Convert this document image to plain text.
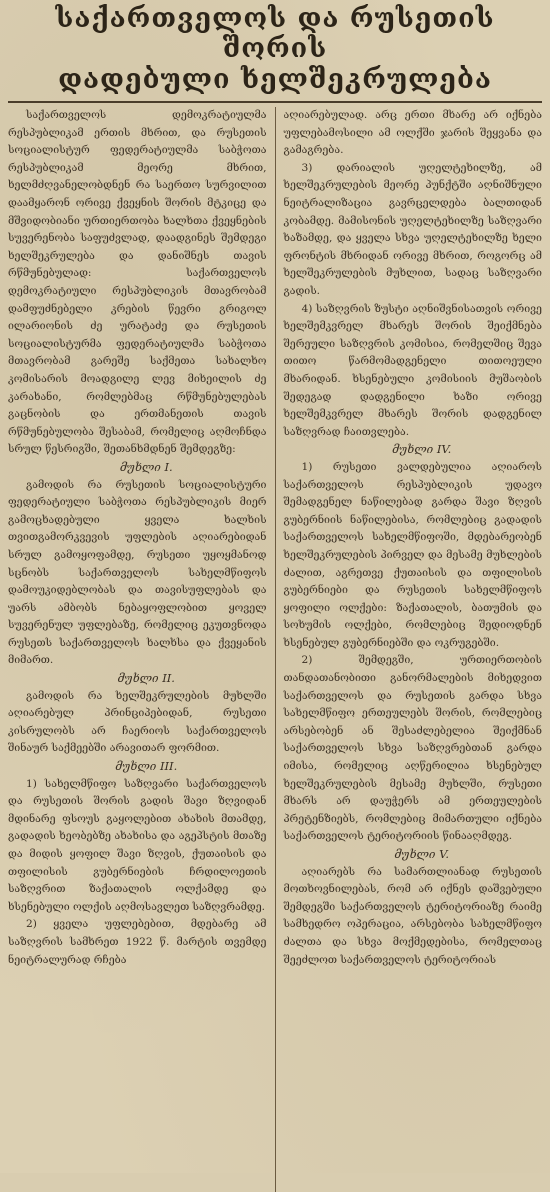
საქართველოს და რუსეთის შორის
დადებული ხელშეკრულება

საქართველოს დემოკრატიულმა რესპუბლიკამ ერთის მხრით, და რუსეთის სოციალისტურ ფედერატიულმა საბჭოთა რესპუბლიკამ მეორე მხრით, ხელმძღვანელობდნენ რა საერთო სურვილით დაამყარონ ორივე ქვეყნის შორის მტკიცე და მშვიდობიანი ურთიერთობა ხალხთა ქვეყნების სუვერენობა საფუძვლად, დაადგინეს შემდეგი ხელშეკრულება და დანიშნეს თავის რწმუნებულად: საქართველოს დემოკრატიული რესპუბლიკის მთავრობამ დამფუძნებელი კრების წევრი გრიგოლ ილარიონის ძე ურატაძე და რუსეთის სოციალისტურმა ფედერატიულმა საბჭოთა მთავრობამ გარეშე საქმეთა სახალხო კომისარის მოადგილე ლევ მიხეილის ძე კარახანი, რომლებმაც რწმუნებულებას გაცნობის და ერთმანეთის თავის რწმუნებულობა შესაბამ, რომელიც აღმოჩნდა სრულ წესრიგში, შეთანხმდნენ შემდეგზე:

მუხლი I.

გამოდის რა რუსეთის სოციალისტური ფედერატიული საბჭოთა რესპუბლიკის მიერ გამოცხადებული ყველა ხალხის თვითგამორკვევის უფლების აღიარებიდან სრულ გამოყოფამდე, რუსეთი უყოყმანოდ სცნობს საქართველოს სახელმწიფოს დამოუკიდებლობას და თავისუფლებას და უარს ამბობს ნებაყოფლობით ყოველ სუვერენულ უფლებაზე, რომელიც ეკუთვნოდა რუსეთს საქართველოს ხალხსა და ქვეყანის მიმართ.

მუხლი II.

გამოდის რა ხელშეკრულების მუხლში აღიარებულ პრინციპებიდან, რუსეთი კისრულობს არ ჩაერიოს საქართველოს შინაურ საქმეებში არავითარ ფორმით.

მუხლი III.

1) სახელმწიფო საზღვარი საქართველოს და რუსეთის შორის გადის შავი ზღვიდან მდინარე ფსოუს გაყოლებით ახახის მთამდე, გადადის ხეობებზე ახახისა და აგეპსტის მთაზე და მიდის ყოფილ შავი ზღვის, ქუთაისის და თფილისის გუბერნიების ჩრდილოეთის საზღვრით ზაქათალის ოლქამდე და ხსენებული ოლქის აღმოსავლეთ საზღვრამდე.

2) ყველა უფლებებით, მდებარე ამ საზღვრის სამხრეთ 1922 წ. მარტის თვემდე ნეიტრალურად რჩება

აღიარებულად. არც ერთი მხარე არ იქნება უფლებამოსილი ამ ოლქში ჯარის შეყვანა და გამაგრება.

3) დარიალის უღელტეხილზე, ამ ხელშეკრულების მეორე პუნქტში აღნიშნული ნეიტრალიზაცია გავრცელდება ბალთიდან კობამდე. მამისონის უღელტეხილზე საზღვარი ხაზამდე, და ყველა სხვა უღელტეხილზე ხელი ფრონტის მხრიდან ორივე მხრით, როგორც ამ ხელშეკრულების მუხლით, სადაც საზღვარი გადის.

4) საზღვრის ზუსტი აღნიშვნისათვის ორივე ხელშემკვრელ მხარეს შორის შეიქმნება შერეული საზღვრის კომისია, რომელშიც შევა თითო წარმომადგენელი თითოეული მხარიდან. ხსენებული კომისიის მუშაობის შედეგად დადგენილი ხაზი ორივე ხელშემკვრელ მხარეს შორის დადგენილ საზღვრად ჩაითვლება.

მუხლი IV.

1) რუსეთი ვალდებულია აღიაროს საქართველოს რესპუბლიკის უდავო შემადგენელ ნაწილებად გარდა შავი ზღვის გუბერნიის ნაწილებისა, რომლებიც გადადის საქართველოს სახელმწიფოში, მდებარეობენ ხელშეკრულების პირველ და მესამე მუხლების ძალით, აგრეთვე ქუთაისის და თფილისის გუბერნიები და რუსეთის სახელმწიფოს ყოფილი ოლქები: ზაქათალის, ბათუმის და სოხუმის ოლქები, რომლებიც შედიოდნენ ხსენებულ გუბერნიებში და ოკრუგებში.

2) შემდეგში, ურთიერთობის თანდათანობითი განორმალების მიხედვით საქართველოს და რუსეთის გარდა სხვა სახელმწიფო ერთეულებს შორის, რომლებიც არსებობენ ან შესაძლებელია შეიქმნან საქართველოს სხვა საზღვრებთან გარდა იმისა, რომელიც აღწერილია ხსენებულ ხელშეკრულების მესამე მუხლში, რუსეთი მხარს არ დაუჭერს ამ ერთეულების პრეტენზიებს, რომლებიც მიმართული იქნება საქართველოს ტერიტორიის წინააღმდეგ.

მუხლი V.

აღიარებს რა სამართლიანად რუსეთის მოთხოვნილებას, რომ არ იქნეს დაშვებული შემდეგში საქართველოს ტერიტორიაზე რაიმე სამხედრო ოპერაცია, არსებობა სახელმწიფო ძალთა და სხვა მოქმედებისა, რომელთაც შეეძლოთ საქართველოს ტერიტორიას
